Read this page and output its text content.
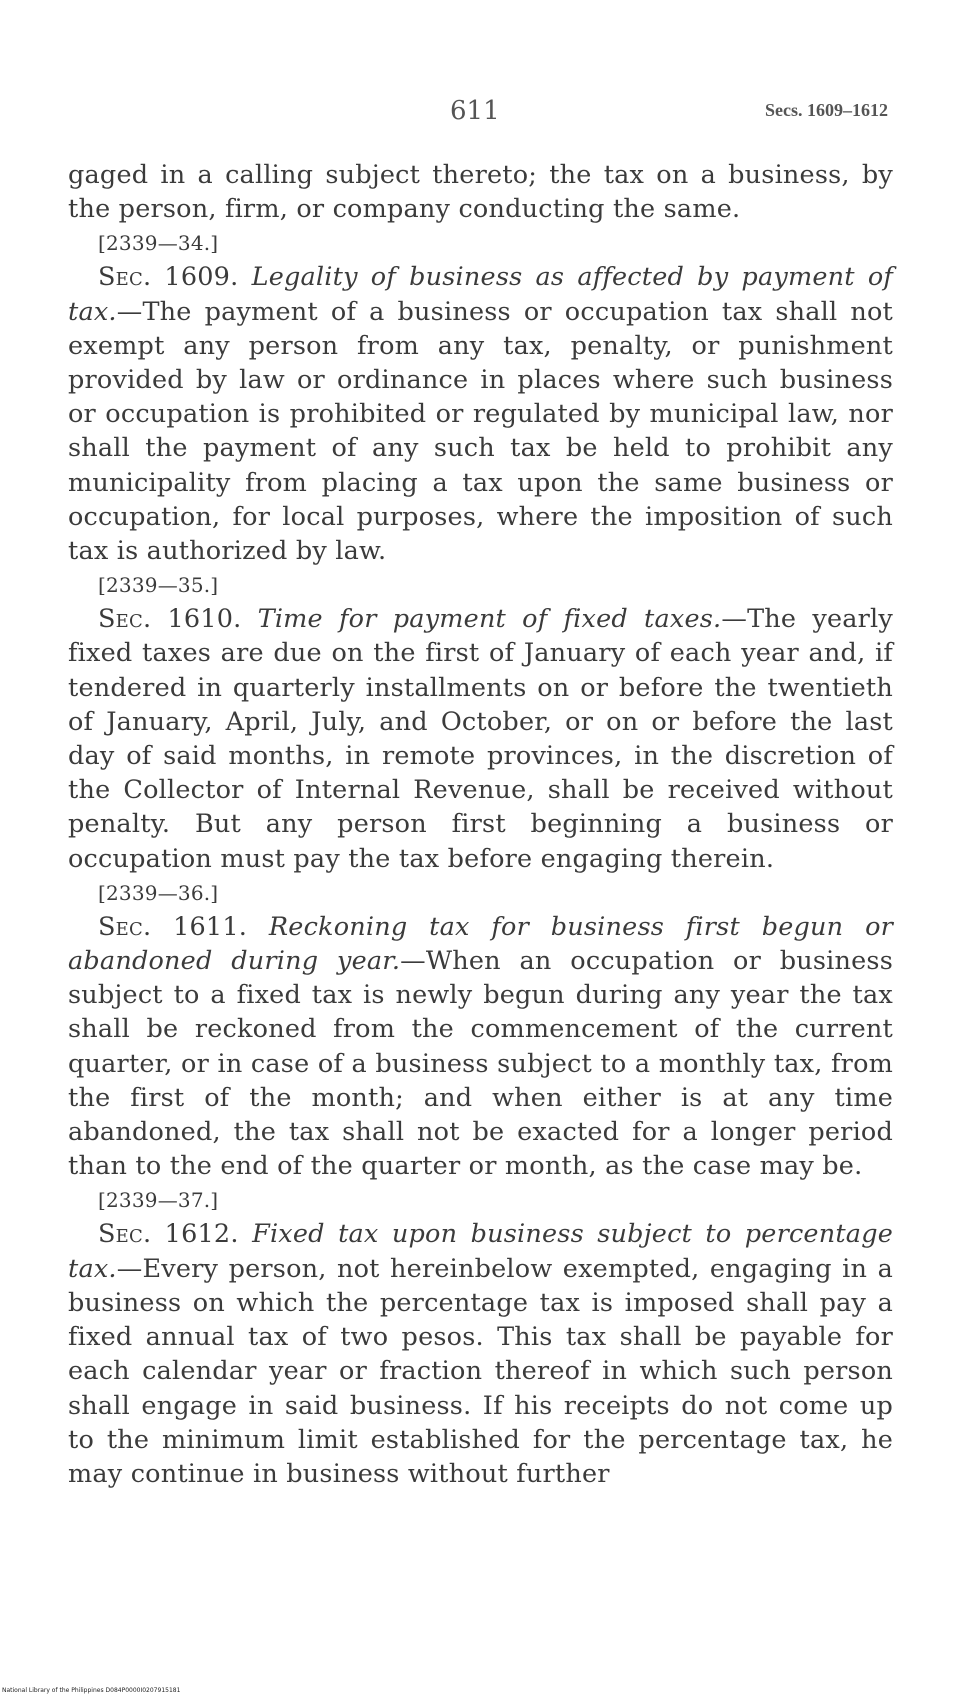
611	Secs. 1609–1612

gaged in a calling subject thereto; the tax on a business, by the person, firm, or company conducting the same.

[2339—34.]

Sec. 1609. Legality of business as affected by payment of tax.—The payment of a business or occupation tax shall not exempt any person from any tax, penalty, or punishment provided by law or ordinance in places where such business or occupation is prohibited or regulated by municipal law, nor shall the payment of any such tax be held to prohibit any municipality from placing a tax upon the same business or occupation, for local purposes, where the imposition of such tax is authorized by law.

[2339—35.]

Sec. 1610. Time for payment of fixed taxes.—The yearly fixed taxes are due on the first of January of each year and, if tendered in quarterly installments on or before the twentieth of January, April, July, and October, or on or before the last day of said months, in remote provinces, in the discretion of the Collector of Internal Revenue, shall be received without penalty. But any person first beginning a business or occupation must pay the tax before engaging therein.

[2339—36.]

Sec. 1611. Reckoning tax for business first begun or abandoned during year.—When an occupation or business subject to a fixed tax is newly begun during any year the tax shall be reckoned from the commencement of the current quarter, or in case of a business subject to a monthly tax, from the first of the month; and when either is at any time abandoned, the tax shall not be exacted for a longer period than to the end of the quarter or month, as the case may be.

[2339—37.]

Sec. 1612. Fixed tax upon business subject to percentage tax.—Every person, not hereinbelow exempted, engaging in a business on which the percentage tax is imposed shall pay a fixed annual tax of two pesos. This tax shall be payable for each calendar year or fraction thereof in which such person shall engage in said business. If his receipts do not come up to the minimum limit established for the percentage tax, he may continue in business without further

National Library of the Philippines D084P0000I0207915181
